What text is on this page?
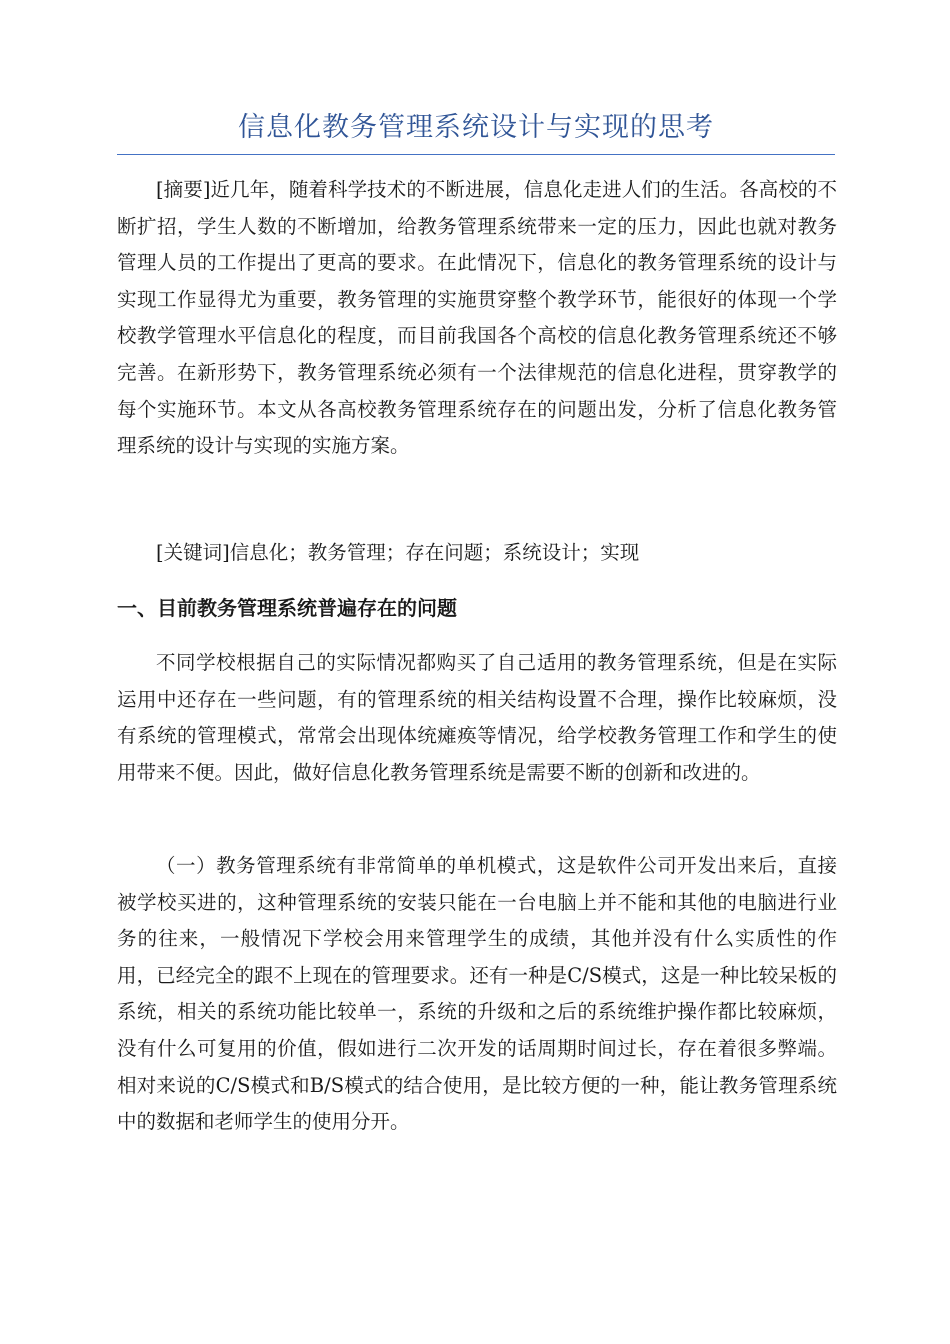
信息化教务管理系统设计与实现的思考

[摘要]近几年，随着科学技术的不断进展，信息化走进人们的生活。各高校的不断扩招，学生人数的不断增加，给教务管理系统带来一定的压力，因此也就对教务管理人员的工作提出了更高的要求。在此情况下，信息化的教务管理系统的设计与实现工作显得尤为重要，教务管理的实施贯穿整个教学环节，能很好的体现一个学校教学管理水平信息化的程度，而目前我国各个高校的信息化教务管理系统还不够完善。在新形势下，教务管理系统必须有一个法律规范的信息化进程，贯穿教学的每个实施环节。本文从各高校教务管理系统存在的问题出发，分析了信息化教务管理系统的设计与实现的实施方案。

[关键词]信息化；教务管理；存在问题；系统设计；实现

一、目前教务管理系统普遍存在的问题

不同学校根据自己的实际情况都购买了自己适用的教务管理系统，但是在实际运用中还存在一些问题，有的管理系统的相关结构设置不合理，操作比较麻烦，没有系统的管理模式，常常会出现体统瘫痪等情况，给学校教务管理工作和学生的使用带来不便。因此，做好信息化教务管理系统是需要不断的创新和改进的。

（一）教务管理系统有非常简单的单机模式，这是软件公司开发出来后，直接被学校买进的，这种管理系统的安装只能在一台电脑上并不能和其他的电脑进行业务的往来，一般情况下学校会用来管理学生的成绩，其他并没有什么实质性的作用，已经完全的跟不上现在的管理要求。还有一种是C/S模式，这是一种比较呆板的系统，相关的系统功能比较单一，系统的升级和之后的系统维护操作都比较麻烦，没有什么可复用的价值，假如进行二次开发的话周期时间过长，存在着很多弊端。相对来说的C/S模式和B/S模式的结合使用，是比较方便的一种，能让教务管理系统中的数据和老师学生的使用分开。
